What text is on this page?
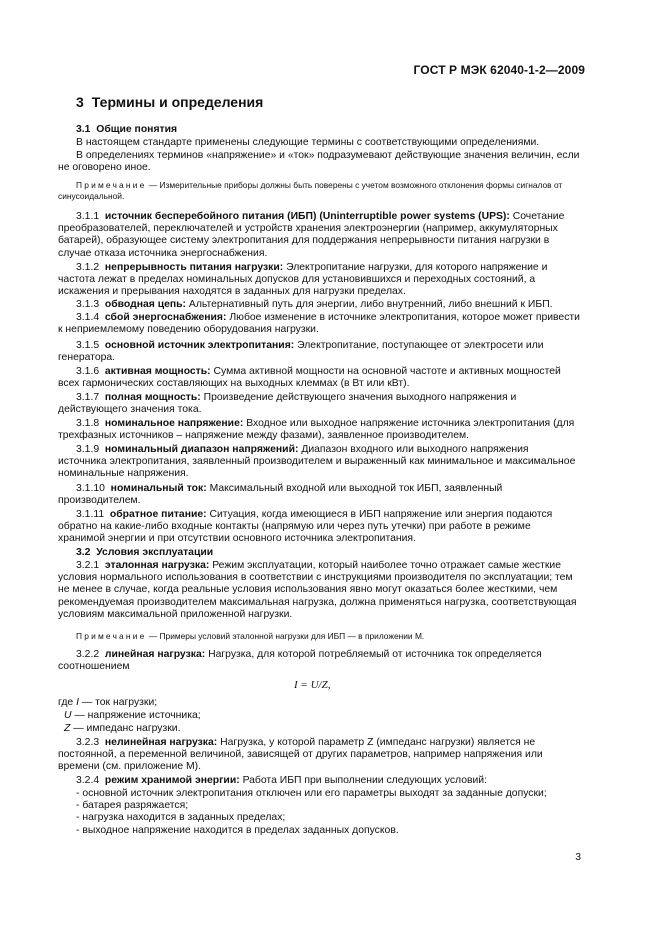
ГОСТ Р МЭК 62040-1-2—2009
3 Термины и определения
3.1 Общие понятия
В настоящем стандарте применены следующие термины с соответствующими определениями.
В определениях терминов «напряжение» и «ток» подразумевают действующие значения величин, если не оговорено иное.
Примечание — Измерительные приборы должны быть поверены с учетом возможного отклонения формы сигналов от синусоидальной.
3.1.1 источник бесперебойного питания (ИБП) (Uninterruptible power systems (UPS): Сочетание преобразователей, переключателей и устройств хранения электроэнергии (например, аккумуляторных батарей), образующее систему электропитания для поддержания непрерывности питания нагрузки в случае отказа источника энергоснабжения.
3.1.2 непрерывность питания нагрузки: Электропитание нагрузки, для которого напряжение и частота лежат в пределах номинальных допусков для установившихся и переходных состояний, а искажения и прерывания находятся в заданных для нагрузки пределах.
3.1.3 обводная цепь: Альтернативный путь для энергии, либо внутренний, либо внешний к ИБП.
3.1.4 сбой энергоснабжения: Любое изменение в источнике электропитания, которое может привести к неприемлемому поведению оборудования нагрузки.
3.1.5 основной источник электропитания: Электропитание, поступающее от электросети или генератора.
3.1.6 активная мощность: Сумма активной мощности на основной частоте и активных мощностей всех гармонических составляющих на выходных клеммах (в Вт или кВт).
3.1.7 полная мощность: Произведение действующего значения выходного напряжения и действующего значения тока.
3.1.8 номинальное напряжение: Входное или выходное напряжение источника электропитания (для трехфазных источников – напряжение между фазами), заявленное производителем.
3.1.9 номинальный диапазон напряжений: Диапазон входного или выходного напряжения источника электропитания, заявленный производителем и выраженный как минимальное и максимальное номинальные напряжения.
3.1.10 номинальный ток: Максимальный входной или выходной ток ИБП, заявленный производителем.
3.1.11 обратное питание: Ситуация, когда имеющиеся в ИБП напряжение или энергия подаются обратно на какие-либо входные контакты (напрямую или через путь утечки) при работе в режиме хранимой энергии и при отсутствии основного источника электропитания.
3.2 Условия эксплуатации
3.2.1 эталонная нагрузка: Режим эксплуатации, который наиболее точно отражает самые жесткие условия нормального использования в соответствии с инструкциями производителя по эксплуатации; тем не менее в случае, когда реальные условия использования явно могут оказаться более жесткими, чем рекомендуемая производителем максимальная нагрузка, должна применяться нагрузка, соответствующая условиям максимальной приложенной нагрузки.
Примечание — Примеры условий эталонной нагрузки для ИБП — в приложении М.
3.2.2 линейная нагрузка: Нагрузка, для которой потребляемый от источника ток определяется соотношением
I = U/Z,
где I — ток нагрузки;
U — напряжение источника;
Z — импеданс нагрузки.
3.2.3 нелинейная нагрузка: Нагрузка, у которой параметр Z (импеданс нагрузки) является не постоянной, а переменной величиной, зависящей от других параметров, например напряжения или времени (см. приложение М).
3.2.4 режим хранимой энергии: Работа ИБП при выполнении следующих условий:
- основной источник электропитания отключен или его параметры выходят за заданные допуски;
- батарея разряжается;
- нагрузка находится в заданных пределах;
- выходное напряжение находится в пределах заданных допусков.
3
